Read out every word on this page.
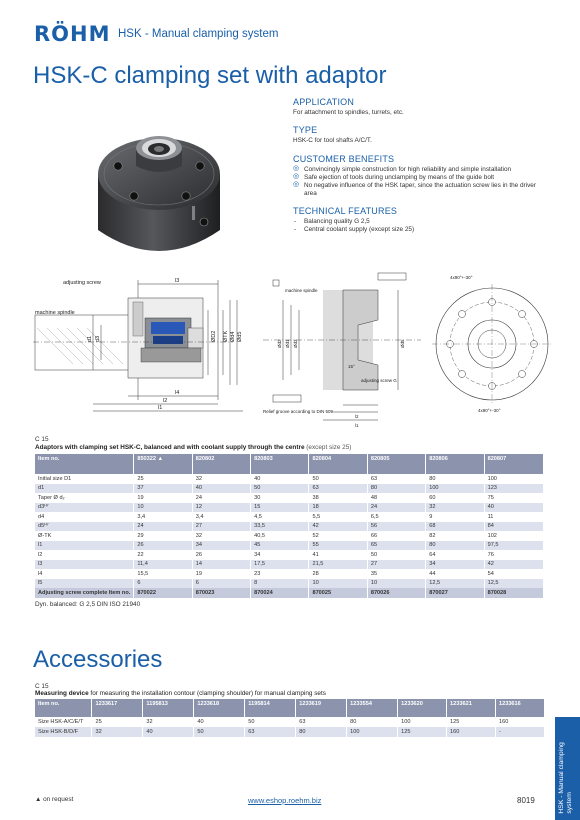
RÖHM HSK - Manual clamping system
HSK-C clamping set with adaptor
APPLICATION
For attachment to spindles, turrets, etc.
TYPE
HSK-C for tool shafts A/C/T.
CUSTOMER BENEFITS
◎ Convincingly simple construction for high reliability and simple installation
◎ Safe ejection of tools during unclamping by means of the guide bolt
◎ No negative influence of the HSK taper, since the actuation screw lies in the driver area
TECHNICAL FEATURES
- Balancing quality G 2,5
- Central coolant supply (except size 25)
adjusting screw
machine spindle
l3
l4
l2
l1
ØD2 ØTK Ød4 Ød5
d1 d3
machine spindle
adjusting screw G
Relief groove according to DIN 509
Ød2 Ød1 Ød3	Ød5
l2
l1
15°
4x90°+-30°
4x90°+-30°
C 15
Adaptors with clamping set HSK-C, balanced and with coolant supply through the centre (except size 25)
Item no.	850322 ▲	820802	820803	820804	820805	820806	820807
Initial size D1	25	32	40	50	63	80	100
d1	37	40	50	63	80	100	123
Taper Ø d₂	19	24	30	38	48	60	75
d3ᴴ⁷	10	12	15	18	24	32	40
d4	3,4	3,4	4,5	5,5	6,5	9	11
d5ᴴ⁷	24	27	33,5	42	56	68	84
Ø-TK	29	32	40,5	52	66	82	102
l1	26	34	45	55	65	80	97,5
l2	22	26	34	41	50	64	76
l3	11,4	14	17,5	21,5	27	34	42
l4	15,5	19	23	28	35	44	54
l5	6	6	8	10	10	12,5	12,5
Adjusting screw complete Item no.	870022	870023	870024	870025	870026	870027	870028
Dyn. balanced: G 2,5 DIN ISO 21940
Accessories
C 15
Measuring device for measuring the installation contour (clamping shoulder) for manual clamping sets
Item no.	1233617	1195813	1233618	1195814	1233619	1233554	1233620	1233621	1233616
Size HSK-A/C/E/T	25	32	40	50	63	80	100	125	160
Size HSK-B/D/F	32	40	50	63	80	100	125	160	-
HSK - Manual clamping system
▲ on request	www.eshop.roehm.biz	8019
